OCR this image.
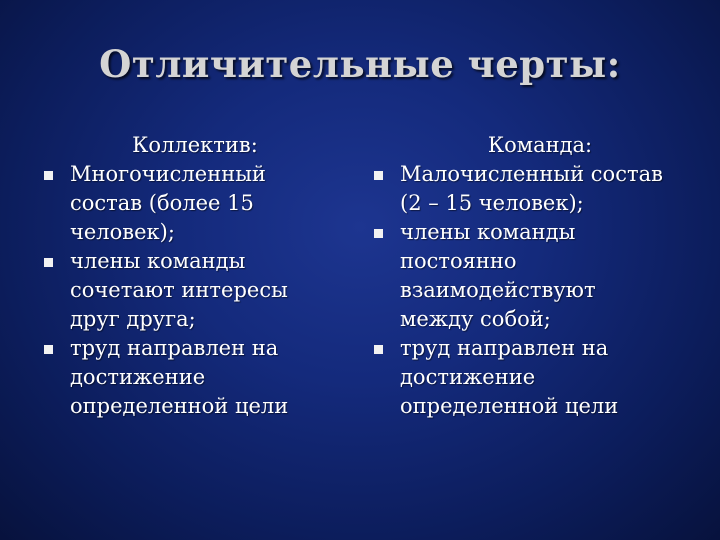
Отличительные черты:
Коллектив:
Многочисленный
состав (более 15
человек);
члены команды
сочетают интересы
друг друга;
труд направлен на
достижение
определенной цели
Команда:
Малочисленный состав
(2 – 15 человек);
члены команды
постоянно
взаимодействуют
между собой;
труд направлен на
достижение
определенной цели
